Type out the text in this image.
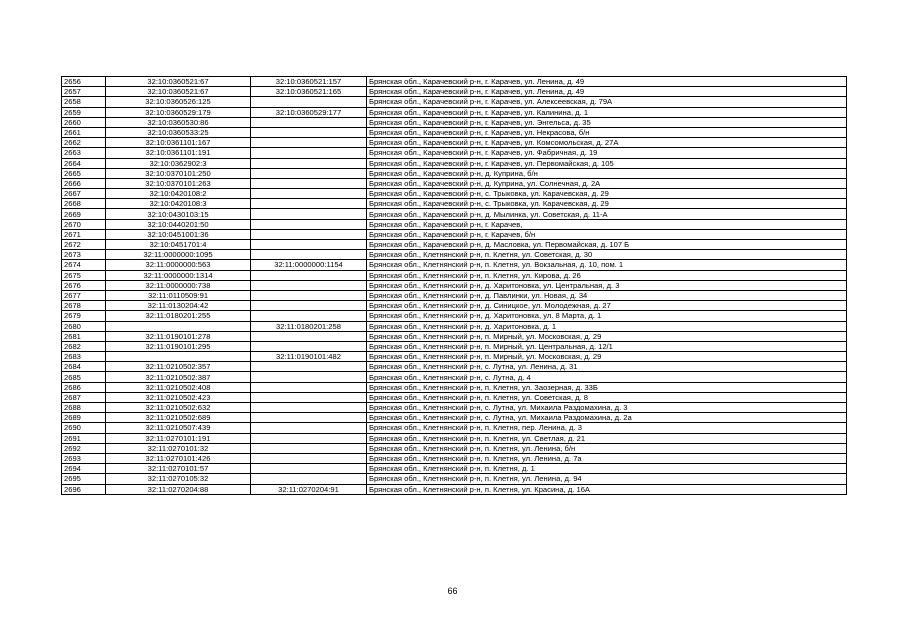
2656	32:10:0360521:67	32:10:0360521:157	Брянская обл., Карачевский р-н, г. Карачев, ул. Ленина, д. 49
2657	32:10:0360521:67	32:10:0360521:165	Брянская обл., Карачевский р-н, г. Карачев, ул. Ленина, д. 49
2658	32:10:0360526:125		Брянская обл., Карачевский р-н, г. Карачев, ул. Алексеевская, д. 79А
2659	32:10:0360529:179	32:10:0360529:177	Брянская обл., Карачевский р-н, г. Карачев, ул. Калинина, д. 1
2660	32:10:0360530:86		Брянская обл., Карачевский р-н, г. Карачев, ул. Энгельса, д. 35
2661	32:10:0360533:25		Брянская обл., Карачевский р-н, г. Карачев, ул. Некрасова, б/н
2662	32:10:0361101:167		Брянская обл., Карачевский р-н, г. Карачев, ул. Комсомольская, д. 27А
2663	32:10:0361101:191		Брянская обл., Карачевский р-н, г. Карачев, ул. Фабричная, д. 19
2664	32:10:0362902:3		Брянская обл., Карачевский р-н, г. Карачев, ул. Первомайская, д. 105
2665	32:10:0370101:250		Брянская обл., Карачевский р-н, д. Куприна, б/н
2666	32:10:0370101:263		Брянская обл., Карачевский р-н, д. Куприна, ул. Солнечная, д. 2А
2667	32:10:0420108:2		Брянская обл., Карачевский р-н, с. Трыковка, ул. Карачевская, д. 29
2668	32:10:0420108:3		Брянская обл., Карачевский р-н, с. Трыковка, ул. Карачевская, д. 29
2669	32:10:0430103:15		Брянская обл., Карачевский р-н, д. Мылинка, ул. Советская, д. 11-А
2670	32:10:0440201:50		Брянская обл., Карачевский р-н, г. Карачев,
2671	32:10:0451001:36		Брянская обл., Карачевский р-н, г. Карачев, б/н
2672	32:10:0451701:4		Брянская обл., Карачевский р-н, д. Масловка, ул. Первомайская, д. 107 Б
2673	32:11:0000000:1095		Брянская обл., Клетнянский р-н, п. Клетня, ул. Советская, д. 30
2674	32:11:0000000:563	32:11:0000000:1154	Брянская обл., Клетнянский р-н, п. Клетня, ул. Вокзальная, д. 10, пом. 1
2675	32:11:0000000:1314		Брянская обл., Клетнянский р-н, п. Клетня, ул. Кирова, д. 26
2676	32:11:0000000:738		Брянская обл., Клетнянский р-н, д. Харитоновка, ул. Центральная, д. 3
2677	32:11:0110509:91		Брянская обл., Клетнянский р-н, д. Павлинки, ул. Новая, д. 34
2678	32:11:0130204:42		Брянская обл., Клетнянский р-н, д. Синицкое, ул. Молодежная, д. 27
2679	32:11:0180201:255		Брянская обл., Клетнянский р-н, д. Харитоновка, ул. 8 Марта, д. 1
2680		32:11:0180201:258	Брянская обл., Клетнянский р-н, д. Харитоновка, д. 1
2681	32:11:0190101:278		Брянская обл., Клетнянский р-н, п. Мирный, ул. Московская, д. 29
2682	32:11:0190101:295		Брянская обл., Клетнянский р-н, п. Мирный, ул. Центральная, д. 12/1
2683		32:11:0190101:482	Брянская обл., Клетнянский р-н, п. Мирный, ул. Московская, д. 29
2684	32:11:0210502:357		Брянская обл., Клетнянский р-н, с. Лутна, ул. Ленина, д. 31
2685	32:11:0210502:387		Брянская обл., Клетнянский р-н, с. Лутна, д. 4
2686	32:11:0210502:408		Брянская обл., Клетнянский р-н, п. Клетня, ул. Заозерная, д. 33Б
2687	32:11:0210502:423		Брянская обл., Клетнянский р-н, п. Клетня, ул. Советская, д. 8
2688	32:11:0210502:632		Брянская обл., Клетнянский р-н, с. Лутна, ул. Михаила Раздомахина, д. 3
2689	32:11:0210502:689		Брянская обл., Клетнянский р-н, с. Лутна, ул. Михаила Раздомахина, д. 2а
2690	32:11:0210507:439		Брянская обл., Клетнянский р-н, п. Клетня, пер. Ленина, д. 3
2691	32:11:0270101:191		Брянская обл., Клетнянский р-н, п. Клетня, ул. Светлая, д. 21
2692	32:11:0270101:32		Брянская обл., Клетнянский р-н, п. Клетня, ул. Ленина, б/н
2693	32:11:0270101:426		Брянская обл., Клетнянский р-н, п. Клетня, ул. Ленина, д. 7а
2694	32:11:0270101:57		Брянская обл., Клетнянский р-н, п. Клетня, д. 1
2695	32:11:0270105:32		Брянская обл., Клетнянский р-н, п. Клетня, ул. Ленина, д. 94
2696	32:11:0270204:88	32:11:0270204:91	Брянская обл., Клетнянский р-н, п. Клетня, ул. Красина, д. 16А
66
